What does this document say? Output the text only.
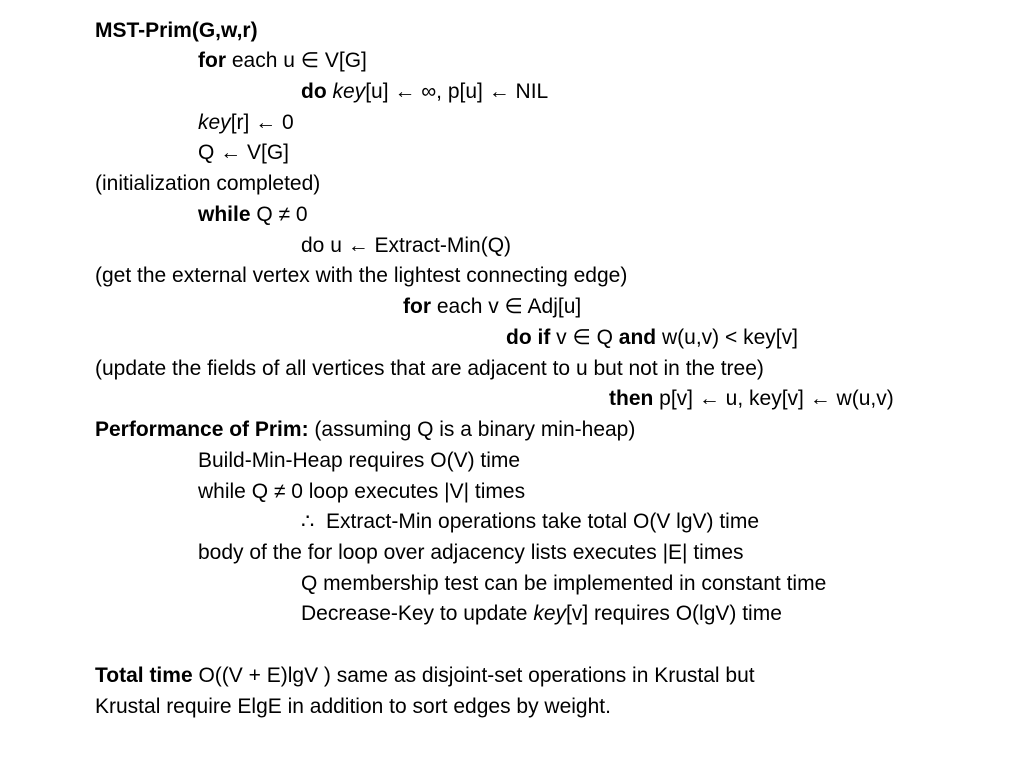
MST-Prim(G,w,r)
for each u ∈ V[G]
do key[u] ← ∞, p[u] ← NIL
key[r] ← 0
Q ← V[G]
(initialization completed)
while Q ≠ 0
do u ← Extract-Min(Q)
(get the external vertex with the lightest connecting edge)
for each v ∈ Adj[u]
do if v ∈ Q and w(u,v) < key[v]
(update the fields of all vertices that are adjacent to u but not in the tree)
then p[v] ← u, key[v] ← w(u,v)
Performance of Prim: (assuming Q is a binary min-heap)
Build-Min-Heap requires O(V) time
while Q ≠ 0 loop executes |V| times
∴  Extract-Min operations take total O(V lgV) time
body of the for loop over adjacency lists executes |E| times
Q membership test can be implemented in constant time
Decrease-Key to update key[v] requires O(lgV) time
Total time O((V + E)lgV ) same as disjoint-set operations in Krustal but
Krustal require ElgE in addition to sort edges by weight.
